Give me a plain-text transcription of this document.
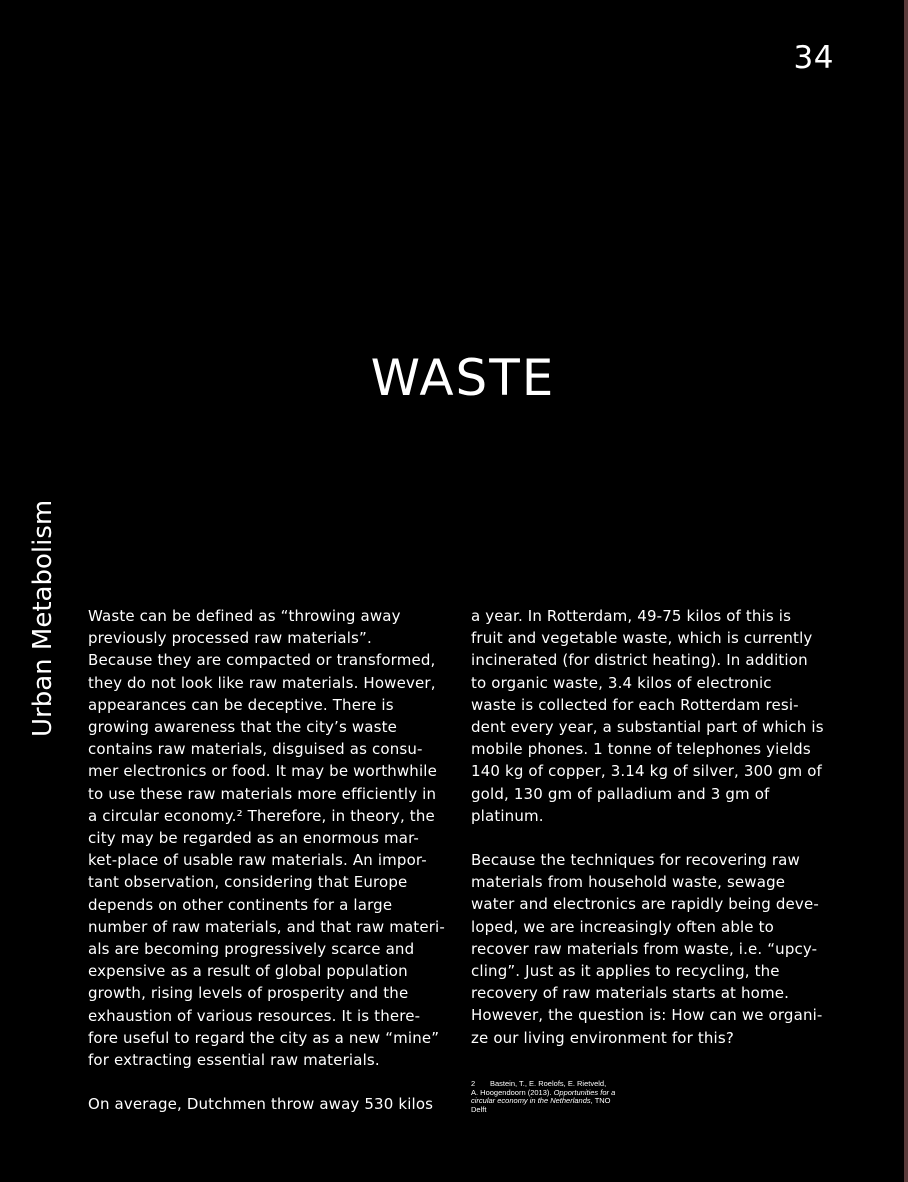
34
WASTE
Urban Metabolism Waste can be defined as “throwing away
previously processed raw materials”.
Because they are compacted or transformed,
they do not look like raw materials. However,
appearances can be deceptive. There is
growing awareness that the city’s waste
contains raw materials, disguised as consu-
mer electronics or food. It may be worthwhile
to use these raw materials more efficiently in
a circular economy.² Therefore, in theory, the
city may be regarded as an enormous mar-
ket-place of usable raw materials. An impor-
tant observation, considering that Europe
depends on other continents for a large
number of raw materials, and that raw materi-
als are becoming progressively scarce and
expensive as a result of global population
growth, rising levels of prosperity and the
exhaustion of various resources. It is there-
fore useful to regard the city as a new “mine”
for extracting essential raw materials.

On average, Dutchmen throw away 530 kilos

a year. In Rotterdam, 49-75 kilos of this is
fruit and vegetable waste, which is currently
incinerated (for district heating). In addition
to organic waste, 3.4 kilos of electronic
waste is collected for each Rotterdam resi-
dent every year, a substantial part of which is
mobile phones. 1 tonne of telephones yields
140 kg of copper, 3.14 kg of silver, 300 gm of
gold, 130 gm of palladium and 3 gm of
platinum.

Because the techniques for recovering raw
materials from household waste, sewage
water and electronics are rapidly being deve-
loped, we are increasingly often able to
recover raw materials from waste, i.e. “upcy-
cling”. Just as it applies to recycling, the
recovery of raw materials starts at home.
However, the question is: How can we organi-
ze our living environment for this?

2 Bastein, T., E. Roelofs, E. Rietveld,
A. Hoogendoorn (2013). Opportunities for a
circular economy in the Netherlands, TNO
Delft
